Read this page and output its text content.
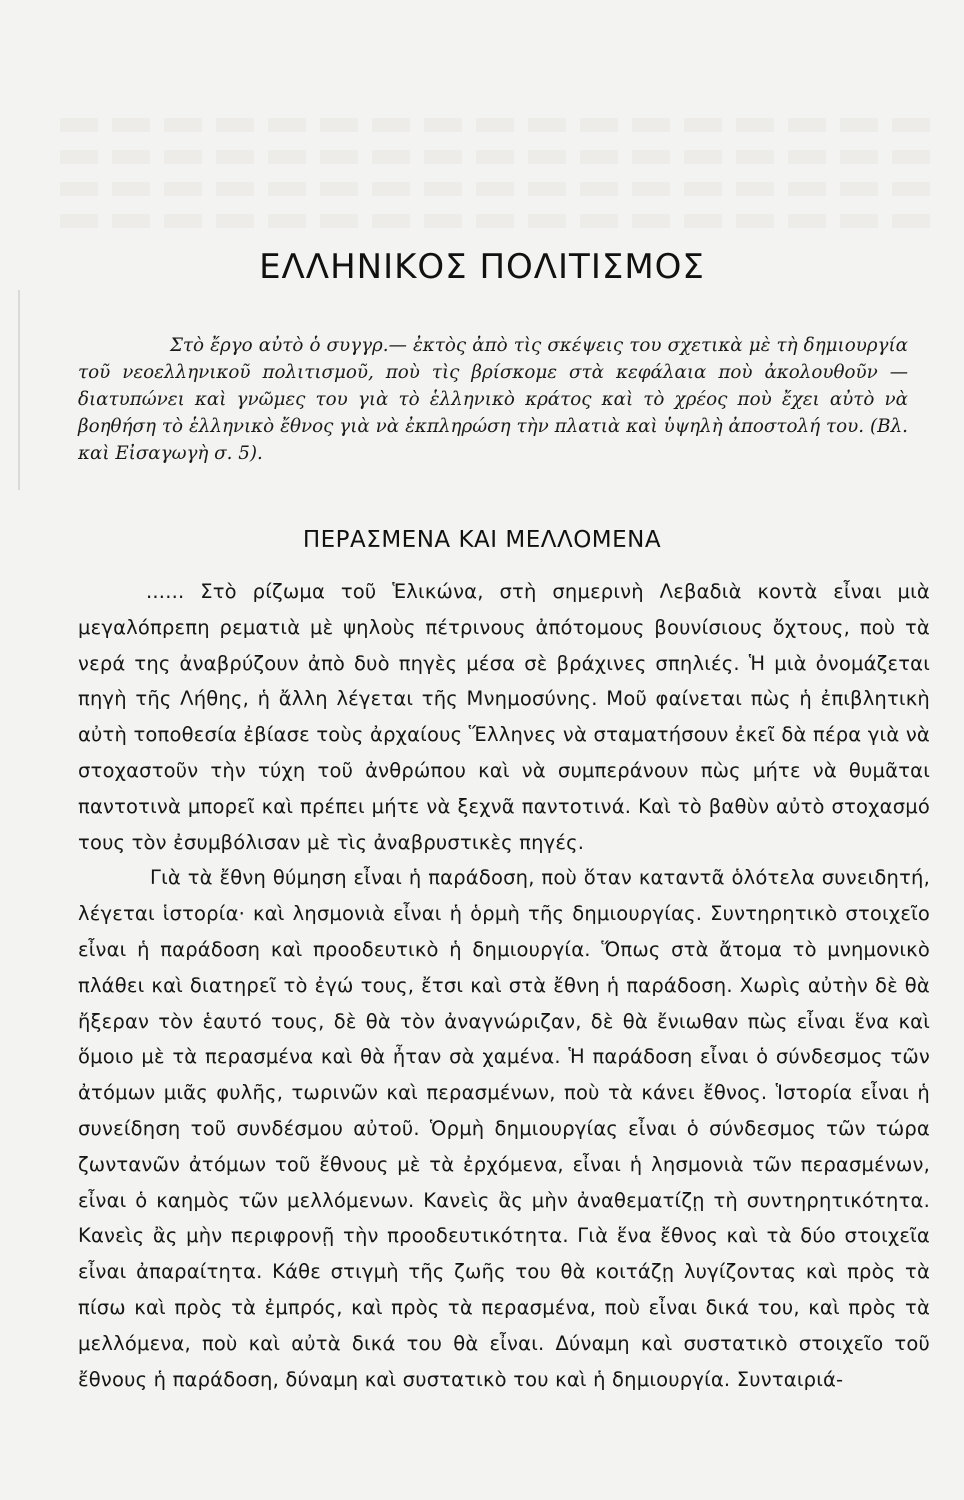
ΕΛΛΗΝΙΚΟΣ ΠΟΛΙΤΙΣΜΟΣ

Στὸ ἔργο αὐτὸ ὁ συγγρ.— ἐκτὸς ἀπὸ τὶς σκέψεις του σχετικὰ μὲ τὴ δημιουργία τοῦ νεοελληνικοῦ πολιτισμοῦ, ποὺ τὶς βρίσκομε στὰ κεφάλαια ποὺ ἀκολουθοῦν — διατυπώνει καὶ γνῶμες του γιὰ τὸ ἑλληνικὸ κράτος καὶ τὸ χρέος ποὺ ἔχει αὐτὸ νὰ βοηθήση τὸ ἑλληνικὸ ἔθνος γιὰ νὰ ἐκπληρώση τὴν πλατιὰ καὶ ὑψηλὴ ἀποστολή του. (Βλ. καὶ Εἰσαγωγὴ σ. 5).

ΠΕΡΑΣΜΕΝΑ ΚΑΙ ΜΕΛΛΟΜΕΝΑ

...... Στὸ ρίζωμα τοῦ Ἑλικώνα, στὴ σημερινὴ Λεβαδιὰ κοντὰ εἶναι μιὰ μεγαλόπρεπη ρεματιὰ μὲ ψηλοὺς πέτρινους ἀπότομους βουνίσιους ὄχτους, ποὺ τὰ νερά της ἀναβρύζουν ἀπὸ δυὸ πηγὲς μέσα σὲ βράχινες σπηλιές. Ἡ μιὰ ὀνομάζεται πηγὴ τῆς Λήθης, ἡ ἄλλη λέγεται τῆς Μνημοσύνης. Μοῦ φαίνεται πὼς ἡ ἐπιβλητικὴ αὐτὴ τοποθεσία ἐβίασε τοὺς ἀρχαίους Ἕλληνες νὰ σταματήσουν ἐκεῖ δὰ πέρα γιὰ νὰ στοχαστοῦν τὴν τύχη τοῦ ἀνθρώπου καὶ νὰ συμπεράνουν πὼς μήτε νὰ θυμᾶται παντοτινὰ μπορεῖ καὶ πρέπει μήτε νὰ ξεχνᾶ παντοτινά. Καὶ τὸ βαθὺν αὐτὸ στοχασμό τους τὸν ἐσυμβόλισαν μὲ τὶς ἀναβρυστικὲς πηγές.

Γιὰ τὰ ἔθνη θύμηση εἶναι ἡ παράδοση, ποὺ ὅταν καταντᾶ ὁλότελα συνειδητή, λέγεται ἱστορία· καὶ λησμονιὰ εἶναι ἡ ὁρμὴ τῆς δημιουργίας. Συντηρητικὸ στοιχεῖο εἶναι ἡ παράδοση καὶ προοδευτικὸ ἡ δημιουργία. Ὅπως στὰ ἄτομα τὸ μνημονικὸ πλάθει καὶ διατηρεῖ τὸ ἐγώ τους, ἔτσι καὶ στὰ ἔθνη ἡ παράδοση. Χωρὶς αὐτὴν δὲ θὰ ἤξεραν τὸν ἑαυτό τους, δὲ θὰ τὸν ἀναγνώριζαν, δὲ θὰ ἔνιωθαν πὼς εἶναι ἕνα καὶ ὅμοιο μὲ τὰ περασμένα καὶ θὰ ἦταν σὰ χαμένα. Ἡ παράδοση εἶναι ὁ σύνδεσμος τῶν ἀτόμων μιᾶς φυλῆς, τωρινῶν καὶ περασμένων, ποὺ τὰ κάνει ἔθνος. Ἱστορία εἶναι ἡ συνείδηση τοῦ συνδέσμου αὐτοῦ. Ὁρμὴ δημιουργίας εἶναι ὁ σύνδεσμος τῶν τώρα ζωντανῶν ἀτόμων τοῦ ἔθνους μὲ τὰ ἐρχόμενα, εἶναι ἡ λησμονιὰ τῶν περασμένων, εἶναι ὁ καημὸς τῶν μελλόμενων. Κανεὶς ἂς μὴν ἀναθεματίζῃ τὴ συντηρητικότητα. Κανεὶς ἂς μὴν περιφρονῇ τὴν προοδευτικότητα. Γιὰ ἕνα ἔθνος καὶ τὰ δύο στοιχεῖα εἶναι ἀπαραίτητα. Κάθε στιγμὴ τῆς ζωῆς του θὰ κοιτάζῃ λυγίζοντας καὶ πρὸς τὰ πίσω καὶ πρὸς τὰ ἐμπρός, καὶ πρὸς τὰ περασμένα, ποὺ εἶναι δικά του, καὶ πρὸς τὰ μελλόμενα, ποὺ καὶ αὐτὰ δικά του θὰ εἶναι. Δύναμη καὶ συστατικὸ στοιχεῖο τοῦ ἔθνους ἡ παράδοση, δύναμη καὶ συστατικὸ του καὶ ἡ δημιουργία. Συνταιριά-
